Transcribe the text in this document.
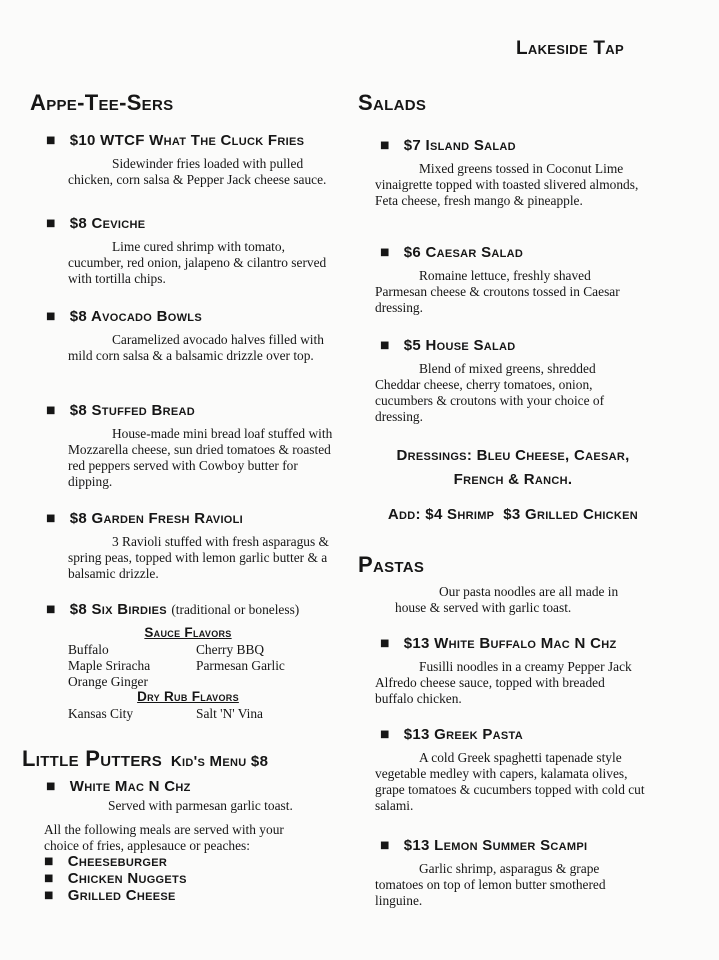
Lakeside Tap
Appe-Tee-Sers
■ $10 WTCF What The Cluck Fries
Sidewinder fries loaded with pulled chicken, corn salsa & Pepper Jack cheese sauce.
■ $8 Ceviche
Lime cured shrimp with tomato, cucumber, red onion, jalapeno & cilantro served with tortilla chips.
■ $8 Avocado Bowls
Caramelized avocado halves filled with mild corn salsa & a balsamic drizzle over top.
■ $8 Stuffed Bread
House-made mini bread loaf stuffed with Mozzarella cheese, sun dried tomatoes & roasted red peppers served with Cowboy butter for dipping.
■ $8 Garden Fresh Ravioli
3 Ravioli stuffed with fresh asparagus & spring peas, topped with lemon garlic butter & a balsamic drizzle.
■ $8 Six Birdies (traditional or boneless)
Sauce Flavors
Buffalo
Maple Sriracha
Orange Ginger
Cherry BBQ
Parmesan Garlic
Dry Rub Flavors
Kansas City	Salt 'N' Vina
Little Putters Kid's Menu $8
■ White Mac N Chz
Served with parmesan garlic toast.
All the following meals are served with your choice of fries, applesauce or peaches:
■ Cheeseburger
■ Chicken Nuggets
■ Grilled Cheese
Salads
■ $7 Island Salad
Mixed greens tossed in Coconut Lime vinaigrette topped with toasted slivered almonds, Feta cheese, fresh mango & pineapple.
■ $6 Caesar Salad
Romaine lettuce, freshly shaved Parmesan cheese & croutons tossed in Caesar dressing.
■ $5 House Salad
Blend of mixed greens, shredded Cheddar cheese, cherry tomatoes, onion, cucumbers & croutons with your choice of dressing.
Dressings: Bleu Cheese, Caesar,
French & Ranch.
Add: $4 Shrimp  $3 Grilled Chicken
Pastas
Our pasta noodles are all made in house & served with garlic toast.
■ $13 White Buffalo Mac N Chz
Fusilli noodles in a creamy Pepper Jack Alfredo cheese sauce, topped with breaded buffalo chicken.
■ $13 Greek Pasta
A cold Greek spaghetti tapenade style vegetable medley with capers, kalamata olives, grape tomatoes & cucumbers topped with cold cut salami.
■ $13 Lemon Summer Scampi
Garlic shrimp, asparagus & grape tomatoes on top of lemon butter smothered linguine.
